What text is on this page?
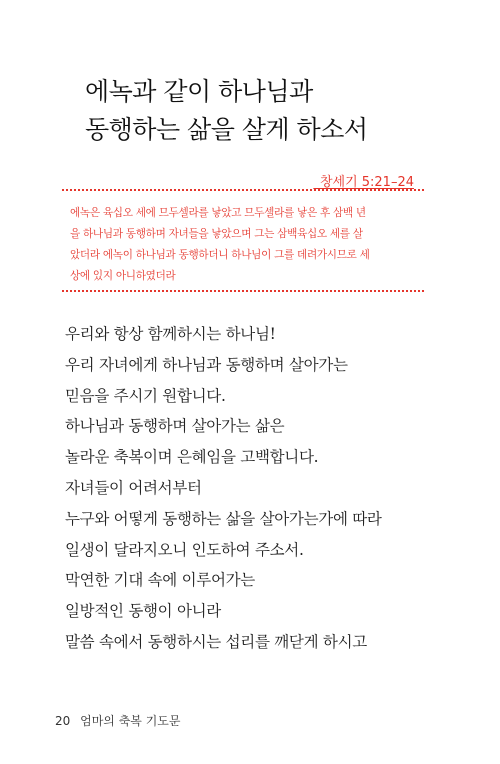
에녹과 같이 하나님과
동행하는 삶을 살게 하소서
_창세기 5:21–24
에녹은 육십오 세에 므두셀라를 낳았고 므두셀라를 낳은 후 삼백 년
을 하나님과 동행하며 자녀들을 낳았으며 그는 삼백육십오 세를 살
았더라 에녹이 하나님과 동행하더니 하나님이 그를 데려가시므로 세
상에 있지 아니하였더라
우리와 항상 함께하시는 하나님!
우리 자녀에게 하나님과 동행하며 살아가는
믿음을 주시기 원합니다.
하나님과 동행하며 살아가는 삶은
놀라운 축복이며 은혜임을 고백합니다.
자녀들이 어려서부터
누구와 어떻게 동행하는 삶을 살아가는가에 따라
일생이 달라지오니 인도하여 주소서.
막연한 기대 속에 이루어가는
일방적인 동행이 아니라
말씀 속에서 동행하시는 섭리를 깨닫게 하시고
20 엄마의 축복 기도문
